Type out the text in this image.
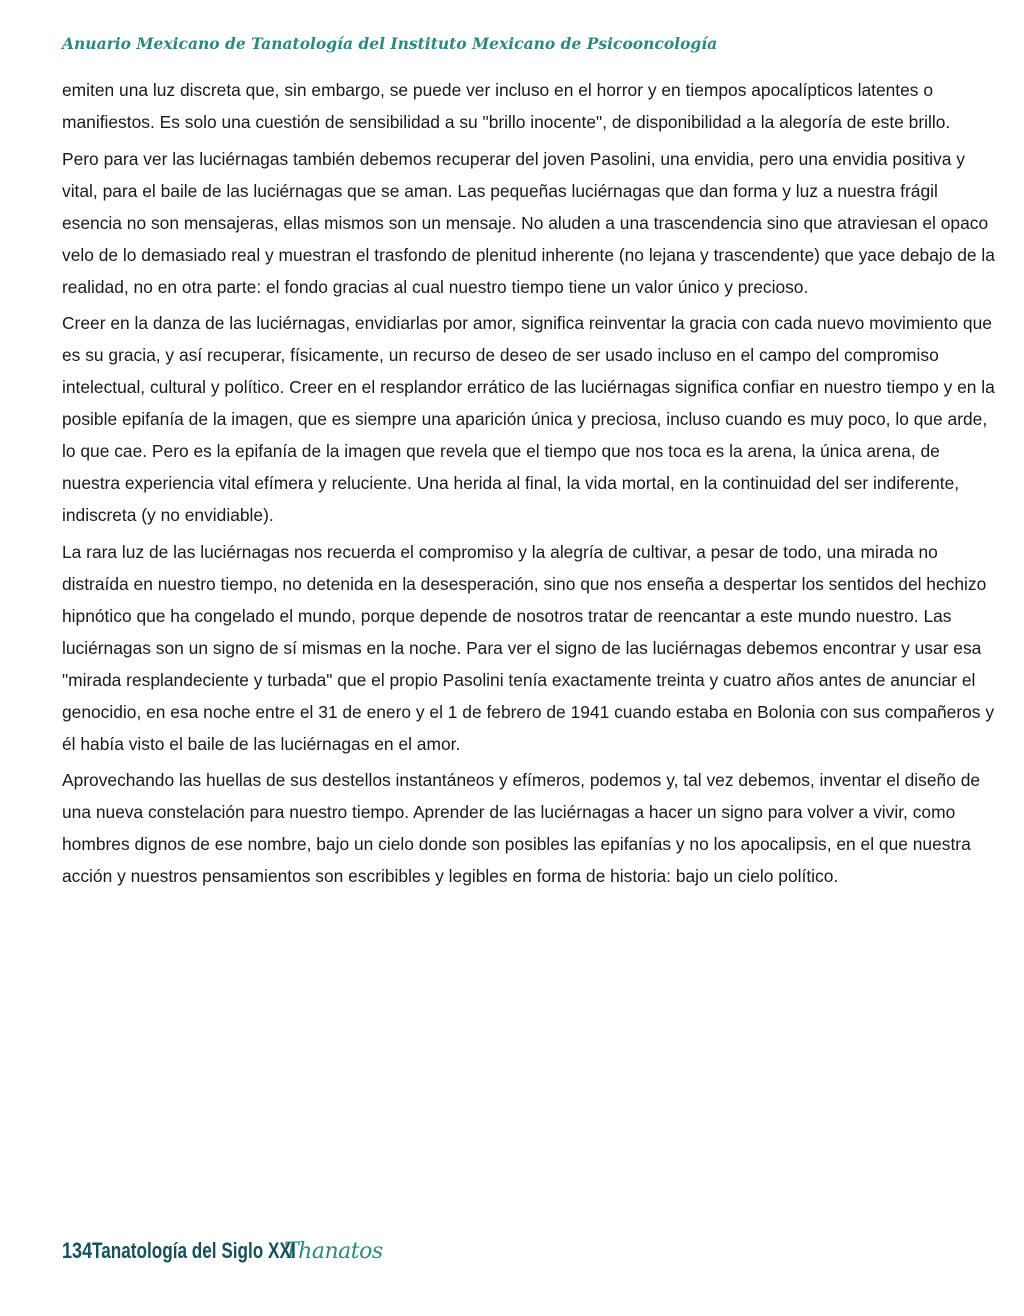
Anuario Mexicano de Tanatología del Instituto Mexicano de Psicooncología

emiten una luz discreta que, sin embargo, se puede ver incluso en el horror y en tiempos apocalípticos latentes o manifiestos. Es solo una cuestión de sensibilidad a su "brillo inocente", de disponibilidad a la alegoría de este brillo.

Pero para ver las luciérnagas también debemos recuperar del joven Pasolini, una envidia, pero una envidia positiva y vital, para el baile de las luciérnagas que se aman. Las pequeñas luciérnagas que dan forma y luz a nuestra frágil esencia no son mensajeras, ellas mismos son un mensaje. No aluden a una trascendencia sino que atraviesan el opaco velo de lo demasiado real y muestran el trasfondo de plenitud inherente (no lejana y trascendente) que yace debajo de la realidad, no en otra parte: el fondo gracias al cual nuestro tiempo tiene un valor único y precioso.

Creer en la danza de las luciérnagas, envidiarlas por amor, significa reinventar la gracia con cada nuevo movimiento que es su gracia, y así recuperar, físicamente, un recurso de deseo de ser usado incluso en el campo del compromiso intelectual, cultural y político. Creer en el resplandor errático de las luciérnagas significa confiar en nuestro tiempo y en la posible epifanía de la imagen, que es siempre una aparición única y preciosa, incluso cuando es muy poco, lo que arde, lo que cae. Pero es la epifanía de la imagen que revela que el tiempo que nos toca es la arena, la única arena, de nuestra experiencia vital efímera y reluciente. Una herida al final, la vida mortal, en la continuidad del ser indiferente, indiscreta (y no envidiable).

La rara luz de las luciérnagas nos recuerda el compromiso y la alegría de cultivar, a pesar de todo, una mirada no distraída en nuestro tiempo, no detenida en la desesperación, sino que nos enseña a despertar los sentidos del hechizo hipnótico que ha congelado el mundo, porque depende de nosotros tratar de reencantar a este mundo nuestro. Las luciérnagas son un signo de sí mismas en la noche. Para ver el signo de las luciérnagas debemos encontrar y usar esa "mirada resplandeciente y turbada" que el propio Pasolini tenía exactamente treinta y cuatro años antes de anunciar el genocidio, en esa noche entre el 31 de enero y el 1 de febrero de 1941 cuando estaba en Bolonia con sus compañeros y él había visto el baile de las luciérnagas en el amor.

Aprovechando las huellas de sus destellos instantáneos y efímeros, podemos y, tal vez debemos, inventar el diseño de una nueva constelación para nuestro tiempo. Aprender de las luciérnagas a hacer un signo para volver a vivir, como hombres dignos de ese nombre, bajo un cielo donde son posibles las epifanías y no los apocalipsis, en el que nuestra acción y nuestros pensamientos son escribibles y legibles en forma de historia: bajo un cielo político.

134 Tanatología del Siglo XXI
Thanatos
